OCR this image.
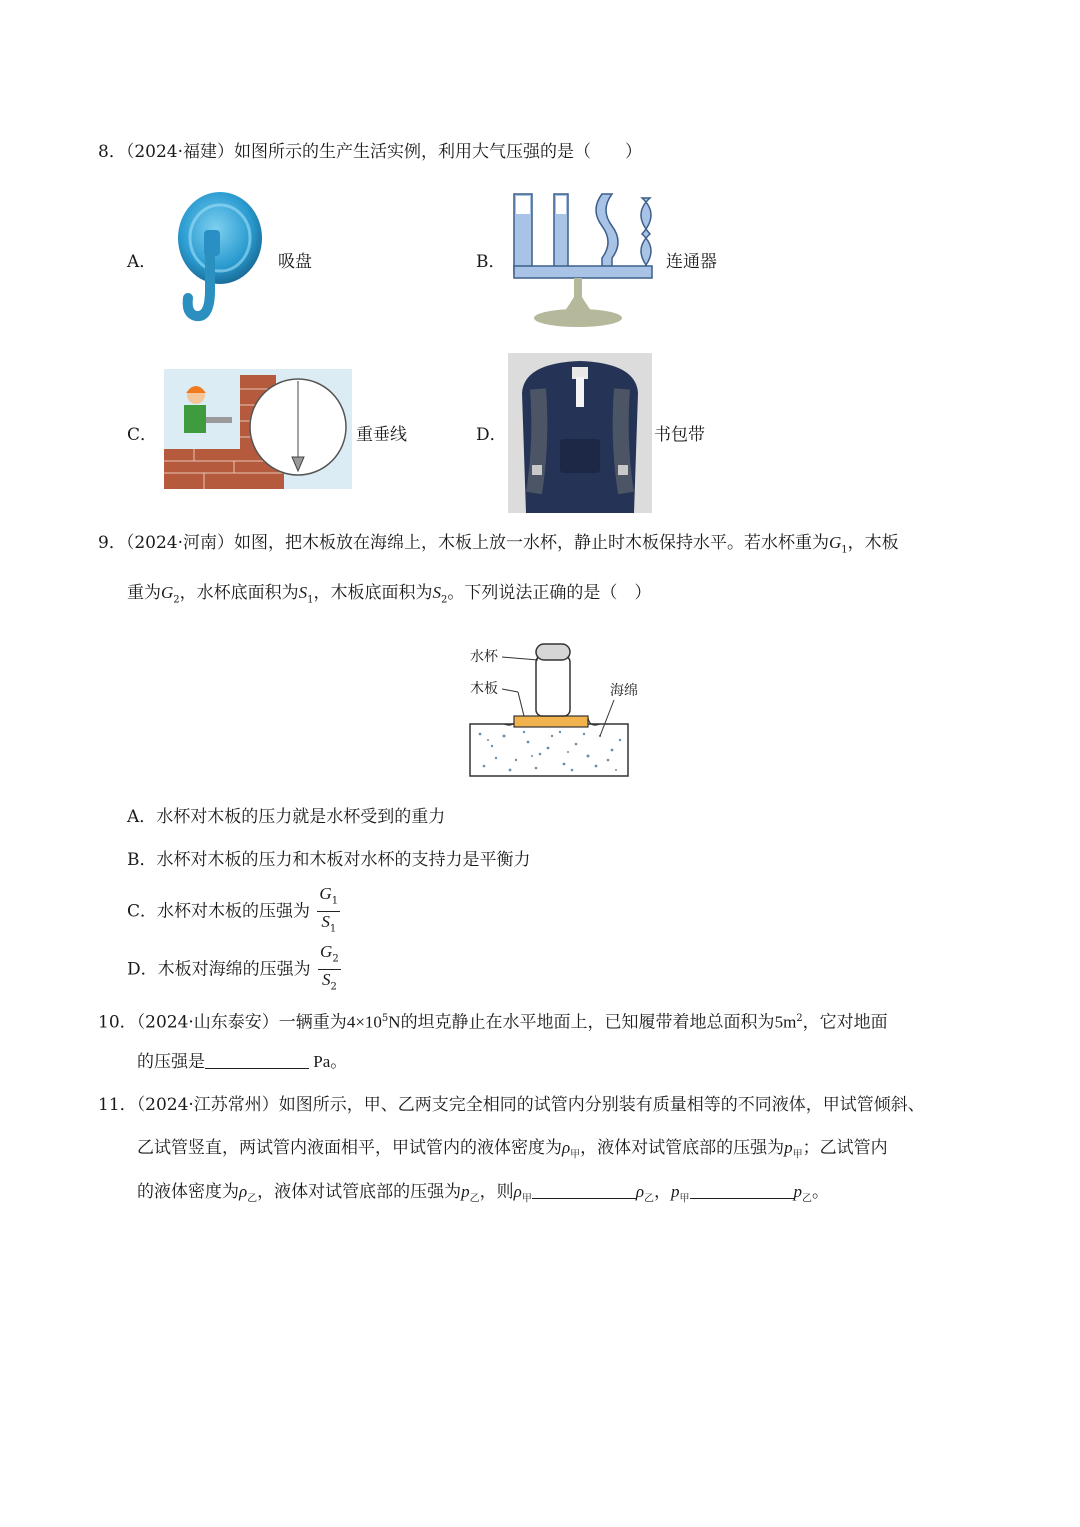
8．（2024·福建）如图所示的生产生活实例，利用大气压强的是（　　）
A．	吸盘	B．	连通器
C．	重垂线	D．	书包带
9．（2024·河南）如图，把木板放在海绵上，木板上放一水杯，静止时木板保持水平。若水杯重为$G_1$，木板
重为$G_2$，水杯底面积为$S_1$，木板底面积为$S_2$。下列说法正确的是（　）
水杯
木板	海绵
A．水杯对木板的压力就是水杯受到的重力
B．水杯对木板的压力和木板对水杯的支持力是平衡力
C．水杯对木板的压强为 $\frac{G_1}{S_1}$
D．木板对海绵的压强为 $\frac{G_2}{S_2}$
10．（2024·山东泰安）一辆重为$4\times 10^5N$的坦克静止在水平地面上，已知履带着地总面积为$5m^2$，它对地面
的压强是	Pa。
11．（2024·江苏常州）如图所示，甲、乙两支完全相同的试管内分别装有质量相等的不同液体，甲试管倾斜、
乙试管竖直，两试管内液面相平，甲试管内的液体密度为$\rho_甲$，液体对试管底部的压强为$p_甲$；乙试管内
的液体密度为$\rho_乙$，液体对试管底部的压强为$p_乙$，则$\rho_甲$	$\rho_乙$，$p_甲$	$p_乙$。
